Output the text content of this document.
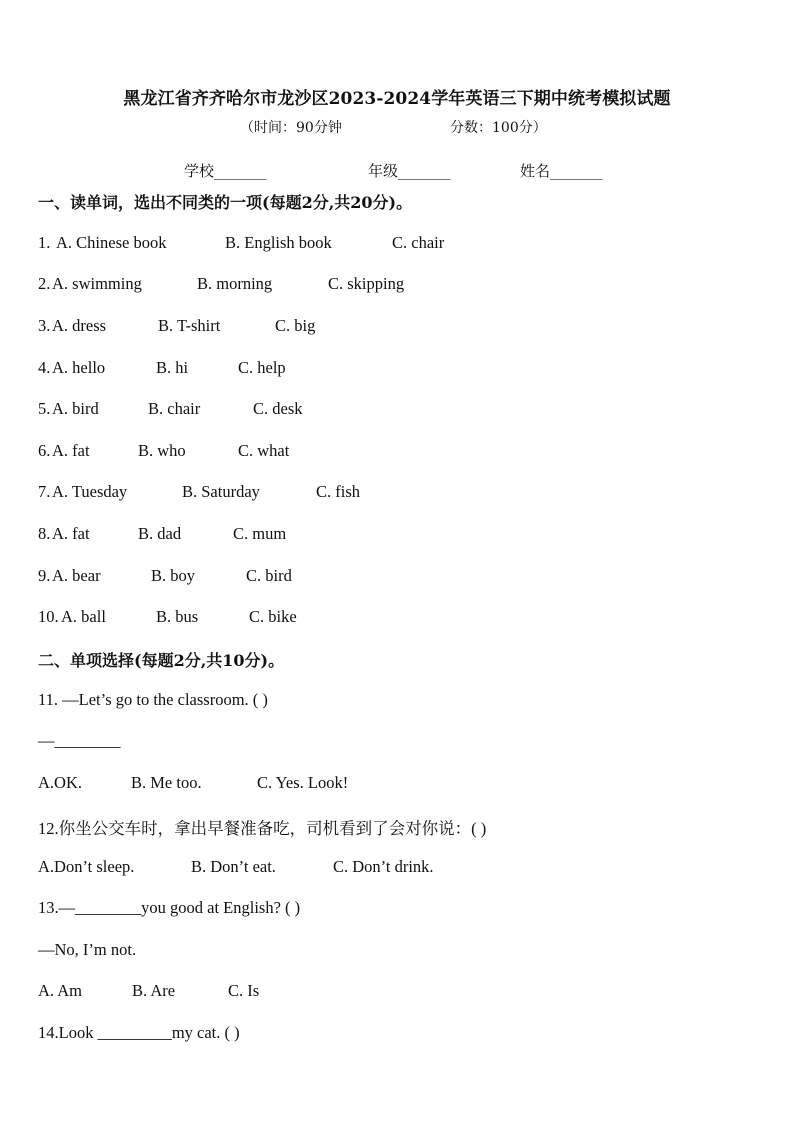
黑龙江省齐齐哈尔市龙沙区2023-2024学年英语三下期中统考模拟试题
（时间：90分钟	分数：100分）
学校_______	年级_______	姓名_______
一、读单词，选出不同类的一项(每题2分,共20分)。
1. A. Chinese book	B. English book	C. chair
2. A. swimming	B. morning	C. skipping
3. A. dress	B. T-shirt	C. big
4. A. hello	B. hi	C. help
5. A. bird	B. chair	C. desk
6. A. fat	B. who	C. what
7. A. Tuesday	B. Saturday	C. fish
8. A. fat	B. dad	C. mum
9. A. bear	B. boy	C. bird
10. A. ball	B. bus	C. bike
二、单项选择(每题2分,共10分)。
11. —Let’s go to the classroom. ( )
—________
A.OK.	B. Me too.	C. Yes. Look!
12.你坐公交车时，拿出早餐准备吃，司机看到了会对你说：( )
A.Don’t sleep.	B. Don’t eat.	C. Don’t drink.
13.—________you good at English? ( )
—No, I’m not.
A. Am	B. Are	C. Is
14.Look _________my cat. ( )
